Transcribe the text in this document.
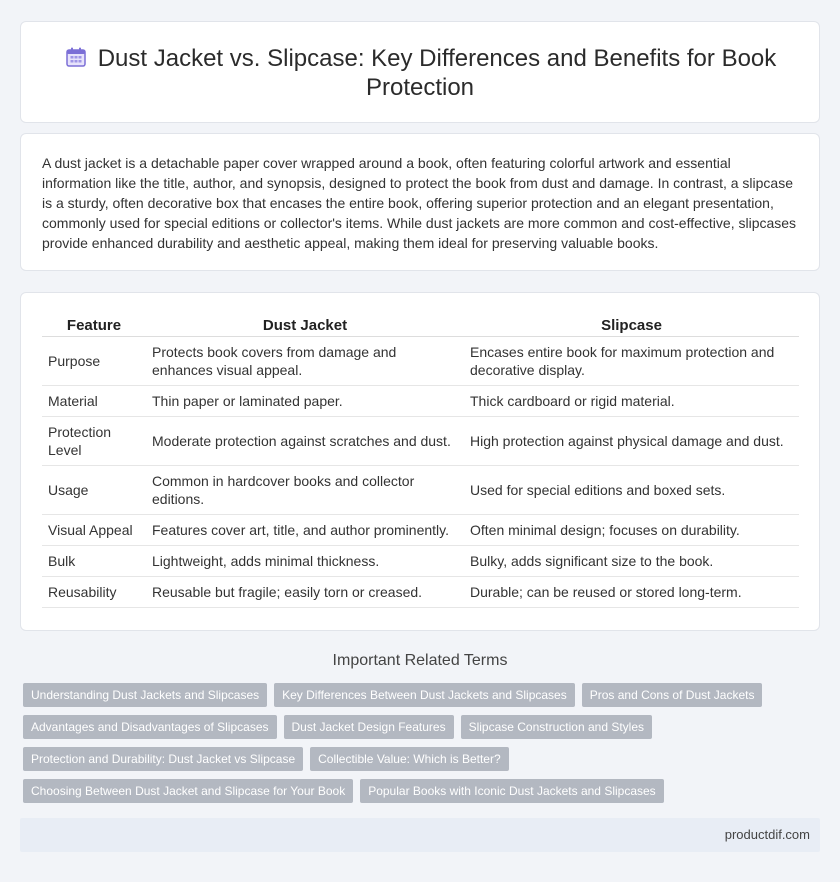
Dust Jacket vs. Slipcase: Key Differences and Benefits for Book Protection

A dust jacket is a detachable paper cover wrapped around a book, often featuring colorful artwork and essential information like the title, author, and synopsis, designed to protect the book from dust and damage. In contrast, a slipcase is a sturdy, often decorative box that encases the entire book, offering superior protection and an elegant presentation, commonly used for special editions or collector's items. While dust jackets are more common and cost-effective, slipcases provide enhanced durability and aesthetic appeal, making them ideal for preserving valuable books.

Feature	Dust Jacket	Slipcase
Purpose	Protects book covers from damage and enhances visual appeal.	Encases entire book for maximum protection and decorative display.
Material	Thin paper or laminated paper.	Thick cardboard or rigid material.
Protection Level	Moderate protection against scratches and dust.	High protection against physical damage and dust.
Usage	Common in hardcover books and collector editions.	Used for special editions and boxed sets.
Visual Appeal	Features cover art, title, and author prominently.	Often minimal design; focuses on durability.
Bulk	Lightweight, adds minimal thickness.	Bulky, adds significant size to the book.
Reusability	Reusable but fragile; easily torn or creased.	Durable; can be reused or stored long-term.
Important Related Terms
Understanding Dust Jackets and Slipcases	Key Differences Between Dust Jackets and Slipcases	Pros and Cons of Dust Jackets
Advantages and Disadvantages of Slipcases	Dust Jacket Design Features	Slipcase Construction and Styles
Protection and Durability: Dust Jacket vs Slipcase	Collectible Value: Which is Better?
Choosing Between Dust Jacket and Slipcase for Your Book	Popular Books with Iconic Dust Jackets and Slipcases
productdif.com
